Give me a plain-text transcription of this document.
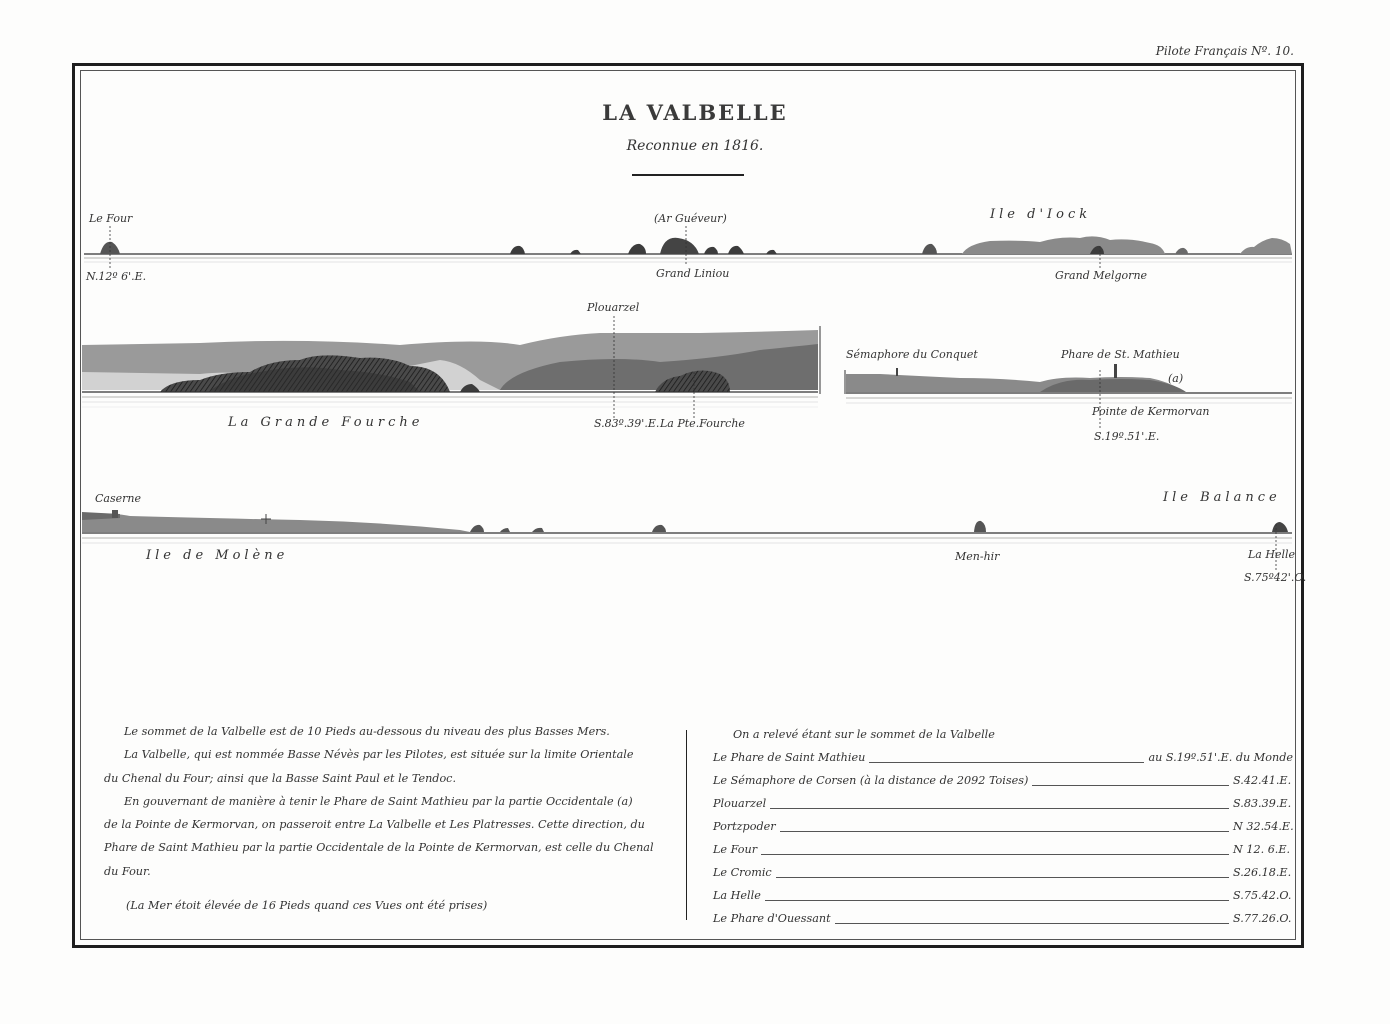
Pilote Français Nº. 10.
LA VALBELLE
Reconnue en 1816.
Le Four
N.12º 6'.E.
(Ar Guéveur)
Grand Liniou
Ile d'Iock
Grand Melgorne
Plouarzel
La Grande Fourche	S.83º.39'.E. La Pte.Fourche
Sémaphore du Conquet	Phare de St. Mathieu
(a)
Pointe de Kermorvan
S.19º.51'.E.
Caserne
Ile de Molène	Men-hir
Ile Balance
La Helle
S.75º42'.O.

Le sommet de la Valbelle est de 10 Pieds au-dessous du niveau des plus Basses Mers.

La Valbelle, qui est nommée Basse Névès par les Pilotes, est située sur la limite Orientale

du Chenal du Four; ainsi que la Basse Saint Paul et le Tendoc.

En gouvernant de manière à tenir le Phare de Saint Mathieu par la partie Occidentale (a)

de la Pointe de Kermorvan, on passeroit entre La Valbelle et Les Platresses. Cette direction, du

Phare de Saint Mathieu par la partie Occidentale de la Pointe de Kermorvan, est celle du Chenal

du Four.

(La Mer étoit élevée de 16 Pieds quand ces Vues ont été prises)

On a relevé étant sur le sommet de la Valbelle
Le Phare de Saint Mathieu	au S.19º.51'.E. du Monde
Le Sémaphore de Corsen (à la distance de 2092 Toises)	S.42.41.E.
Plouarzel	S.83.39.E.
Portzpoder	N 32.54.E.
Le Four	N 12. 6.E.
Le Cromic	S.26.18.E.
La Helle	S.75.42.O.
Le Phare d'Ouessant	S.77.26.O.
